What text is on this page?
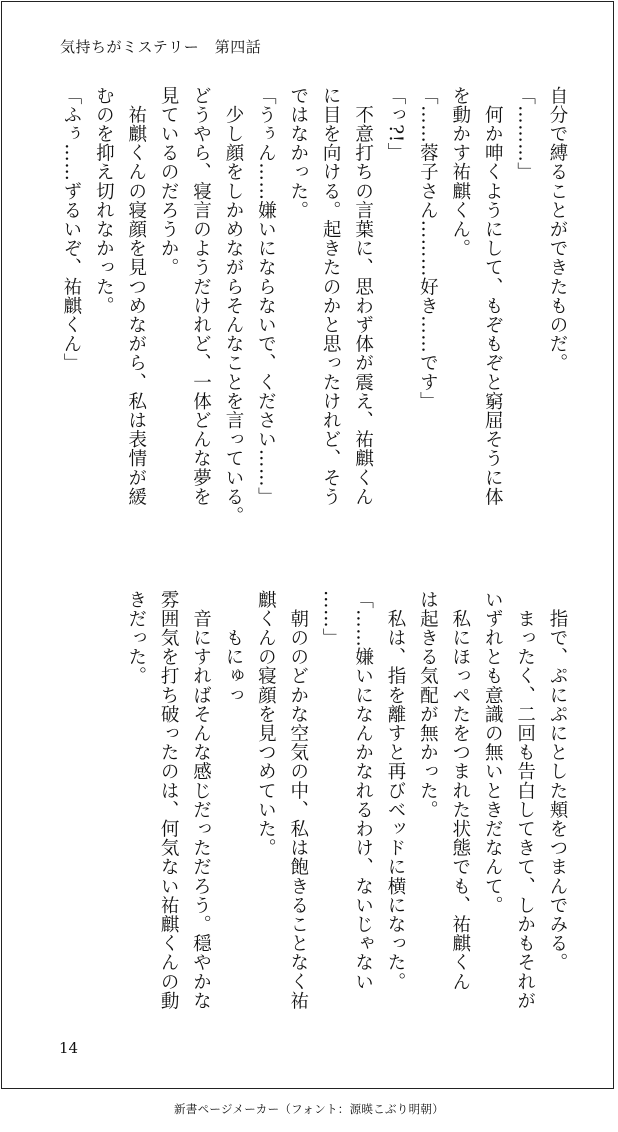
気持ちがミステリー　第四話

自分で縛ることができたものだ。

「………」

　何か呻くようにして、もぞもぞと窮屈そうに体

を動かす祐麒くん。

「……蓉子さん………好き……です」

「っ?!」

　不意打ちの言葉に、思わず体が震え、祐麒くん

に目を向ける。起きたのかと思ったけれど、そう

ではなかった。

「うぅん……嫌いにならないで、ください……」

　少し顔をしかめながらそんなことを言っている。

どうやら、寝言のようだけれど、一体どんな夢を

見ているのだろうか。

　祐麒くんの寝顔を見つめながら、私は表情が緩

むのを抑え切れなかった。

「ふぅ……ずるいぞ、祐麒くん」

　指で、ぷにぷにとした頬をつまんでみる。

　まったく、二回も告白してきて、しかもそれが

いずれとも意識の無いときだなんて。

　私にほっぺたをつまれた状態でも、祐麒くん

は起きる気配が無かった。

　私は、指を離すと再びベッドに横になった。

「……嫌いになんかなれるわけ、ないじゃない

……」

　朝ののどかな空気の中、私は飽きることなく祐

麒くんの寝顔を見つめていた。

　　もにゅっ

　音にすればそんな感じだっただろう。穏やかな

雰囲気を打ち破ったのは、何気ない祐麒くんの動

きだった。

14
新書ページメーカー（フォント：源暎こぶり明朝）
